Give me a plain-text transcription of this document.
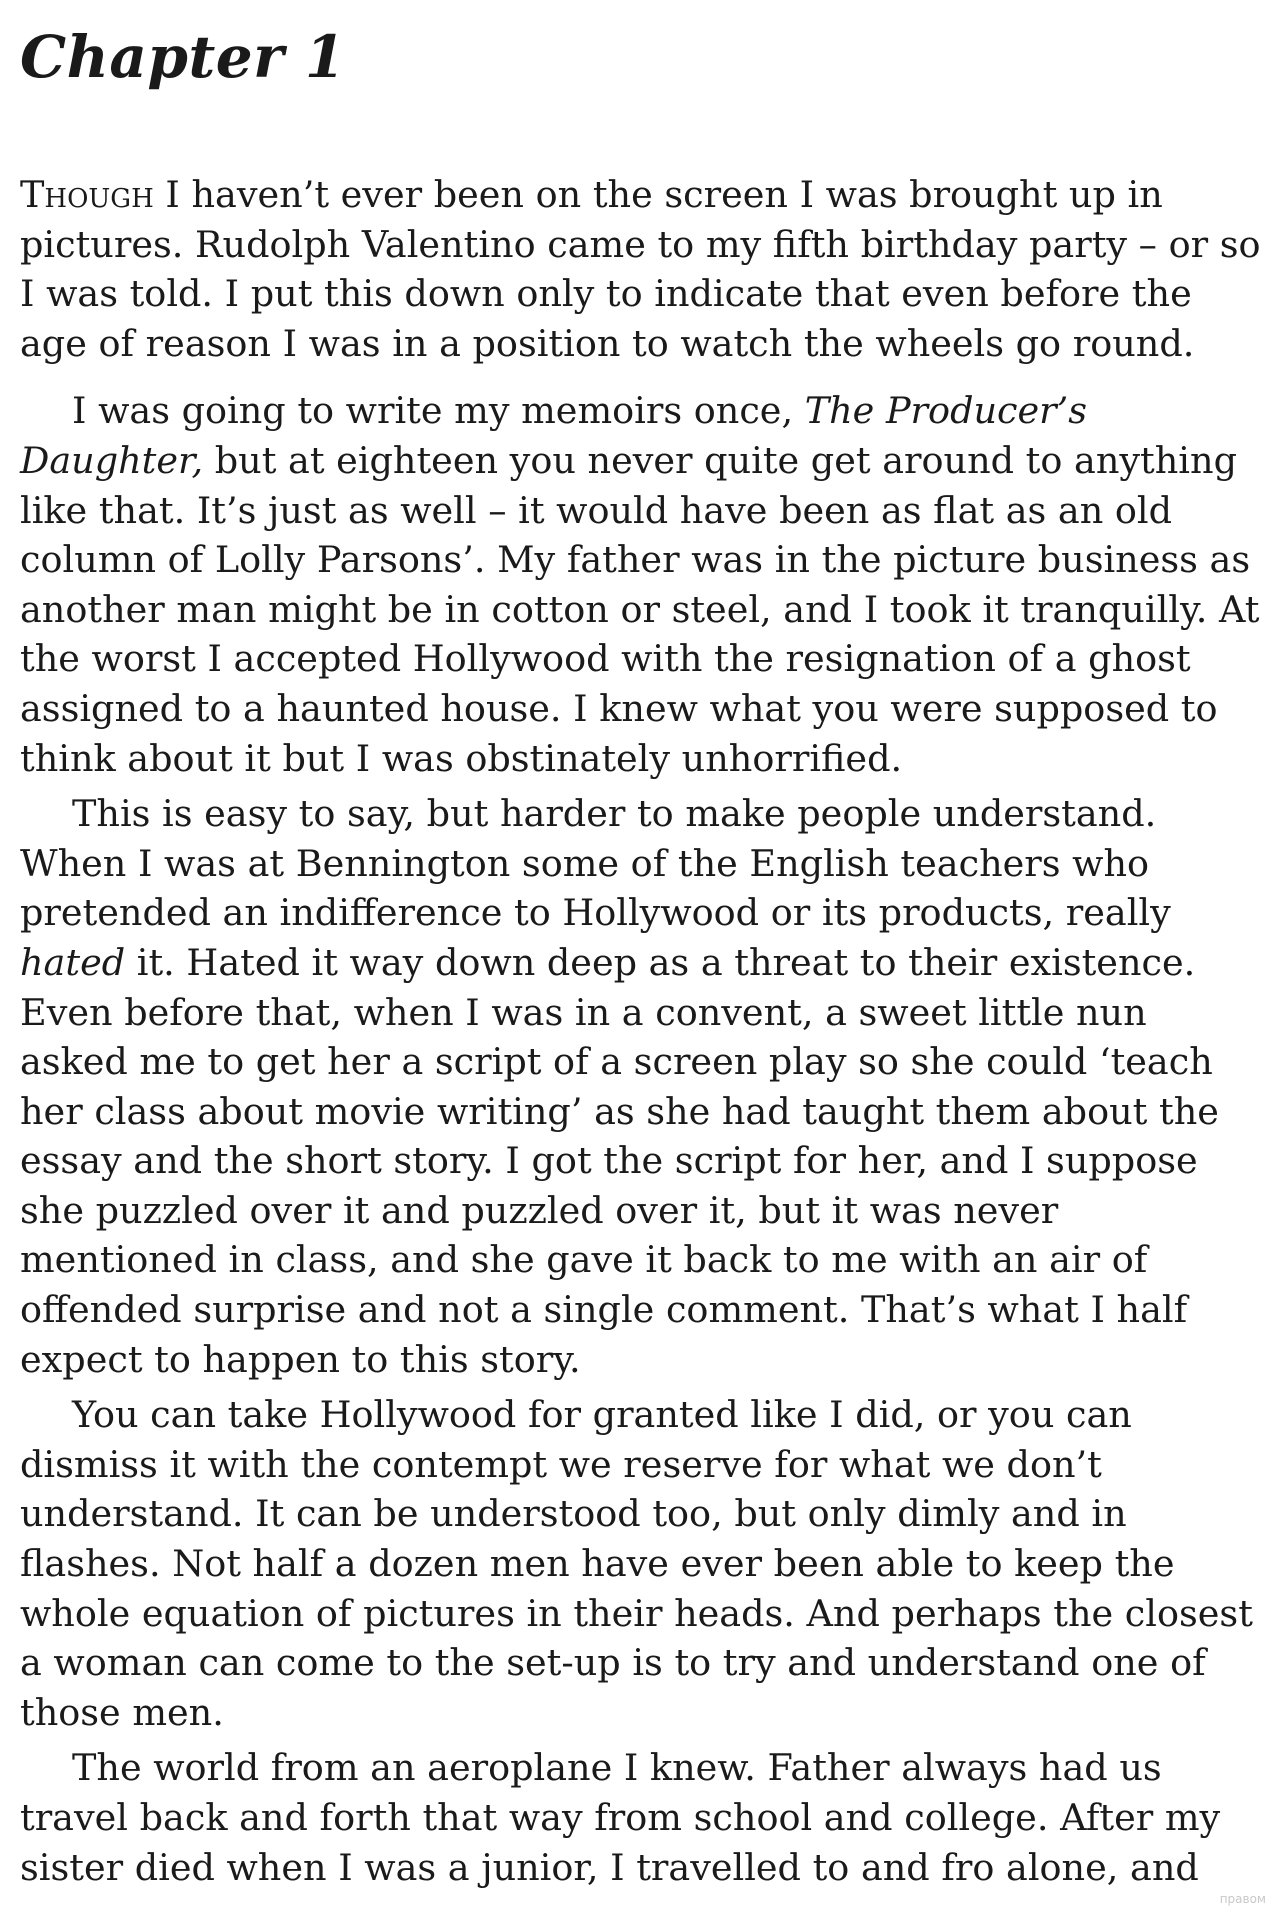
Chapter 1

Though I haven’t ever been on the screen I was brought up in pictures. Rudolph Valentino came to my fifth birthday party – or so I was told. I put this down only to indicate that even before the age of reason I was in a position to watch the wheels go round.

I was going to write my memoirs once, The Producer’s Daughter, but at eighteen you never quite get around to anything like that. It’s just as well – it would have been as flat as an old column of Lolly Parsons’. My father was in the picture business as another man might be in cotton or steel, and I took it tranquilly. At the worst I accepted Hollywood with the resignation of a ghost assigned to a haunted house. I knew what you were supposed to think about it but I was obstinately unhorrified.

This is easy to say, but harder to make people understand. When I was at Bennington some of the English teachers who pretended an indifference to Hollywood or its products, really hated it. Hated it way down deep as a threat to their existence. Even before that, when I was in a convent, a sweet little nun asked me to get her a script of a screen play so she could ‘teach her class about movie writing’ as she had taught them about the essay and the short story. I got the script for her, and I suppose she puzzled over it and puzzled over it, but it was never mentioned in class, and she gave it back to me with an air of offended surprise and not a single comment. That’s what I half expect to happen to this story.

You can take Hollywood for granted like I did, or you can dismiss it with the contempt we reserve for what we don’t understand. It can be understood too, but only dimly and in flashes. Not half a dozen men have ever been able to keep the whole equation of pictures in their heads. And perhaps the closest a woman can come to the set-up is to try and understand one of those men.

The world from an aeroplane I knew. Father always had us travel back and forth that way from school and college. After my sister died when I was a junior, I travelled to and fro alone, and

правом
